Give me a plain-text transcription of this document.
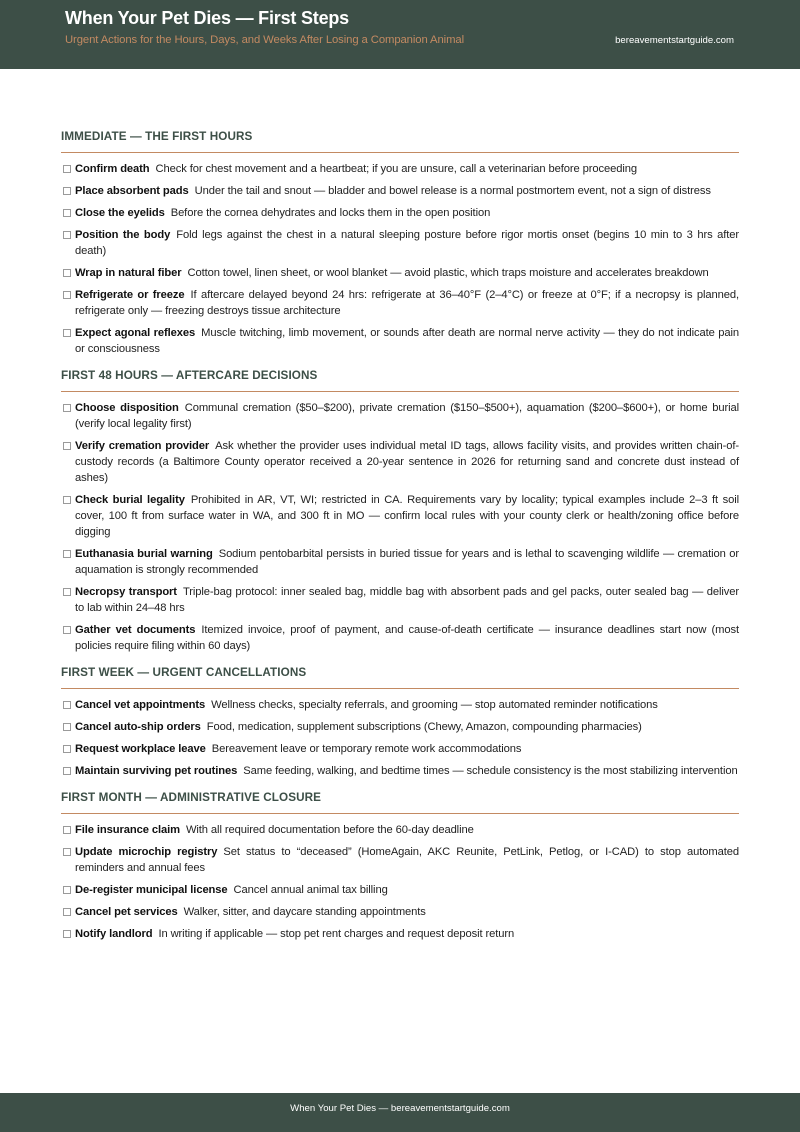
When Your Pet Dies — First Steps
Urgent Actions for the Hours, Days, and Weeks After Losing a Companion Animal	bereavementstartguide.com
IMMEDIATE — THE FIRST HOURS
Confirm death Check for chest movement and a heartbeat; if you are unsure, call a veterinarian before proceeding
Place absorbent pads Under the tail and snout — bladder and bowel release is a normal postmortem event, not a sign of distress
Close the eyelids Before the cornea dehydrates and locks them in the open position
Position the body Fold legs against the chest in a natural sleeping posture before rigor mortis onset (begins 10 min to 3 hrs after death)
Wrap in natural fiber Cotton towel, linen sheet, or wool blanket — avoid plastic, which traps moisture and accelerates breakdown
Refrigerate or freeze If aftercare delayed beyond 24 hrs: refrigerate at 36–40°F (2–4°C) or freeze at 0°F; if a necropsy is planned, refrigerate only — freezing destroys tissue architecture
Expect agonal reflexes Muscle twitching, limb movement, or sounds after death are normal nerve activity — they do not indicate pain or consciousness
FIRST 48 HOURS — AFTERCARE DECISIONS
Choose disposition Communal cremation ($50–$200), private cremation ($150–$500+), aquamation ($200–$600+), or home burial (verify local legality first)
Verify cremation provider Ask whether the provider uses individual metal ID tags, allows facility visits, and provides written chain-of-custody records (a Baltimore County operator received a 20-year sentence in 2026 for returning sand and concrete dust instead of ashes)
Check burial legality Prohibited in AR, VT, WI; restricted in CA. Requirements vary by locality; typical examples include 2–3 ft soil cover, 100 ft from surface water in WA, and 300 ft in MO — confirm local rules with your county clerk or health/zoning office before digging
Euthanasia burial warning Sodium pentobarbital persists in buried tissue for years and is lethal to scavenging wildlife — cremation or aquamation is strongly recommended
Necropsy transport Triple-bag protocol: inner sealed bag, middle bag with absorbent pads and gel packs, outer sealed bag — deliver to lab within 24–48 hrs
Gather vet documents Itemized invoice, proof of payment, and cause-of-death certificate — insurance deadlines start now (most policies require filing within 60 days)
FIRST WEEK — URGENT CANCELLATIONS
Cancel vet appointments Wellness checks, specialty referrals, and grooming — stop automated reminder notifications
Cancel auto-ship orders Food, medication, supplement subscriptions (Chewy, Amazon, compounding pharmacies)
Request workplace leave Bereavement leave or temporary remote work accommodations
Maintain surviving pet routines Same feeding, walking, and bedtime times — schedule consistency is the most stabilizing intervention
FIRST MONTH — ADMINISTRATIVE CLOSURE
File insurance claim With all required documentation before the 60-day deadline
Update microchip registry Set status to “deceased” (HomeAgain, AKC Reunite, PetLink, Petlog, or I-CAD) to stop automated reminders and annual fees
De-register municipal license Cancel annual animal tax billing
Cancel pet services Walker, sitter, and daycare standing appointments
Notify landlord In writing if applicable — stop pet rent charges and request deposit return
When Your Pet Dies — bereavementstartguide.com
